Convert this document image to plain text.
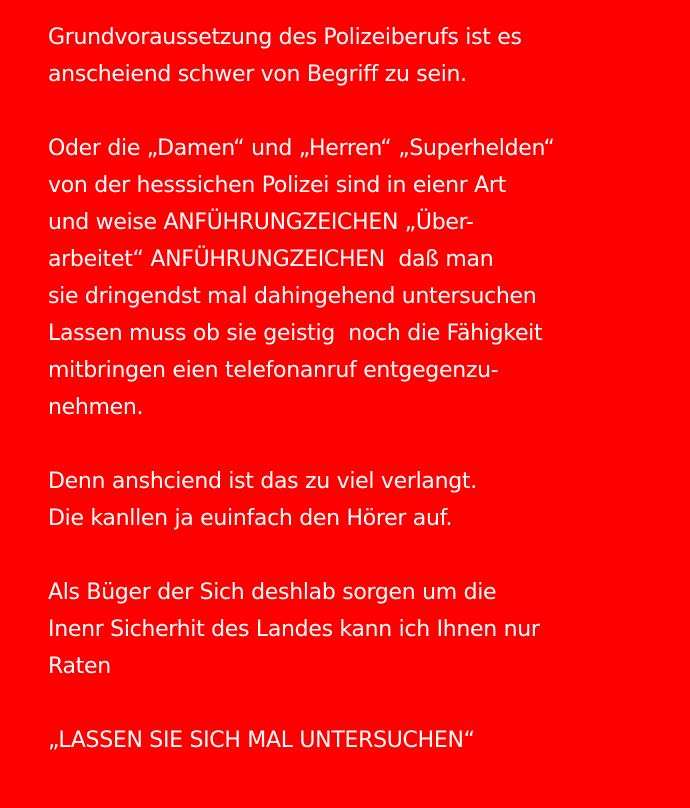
Grundvoraussetzung des Polizeiberufs ist es
anscheiend schwer von Begriff zu sein.
Oder die „Damen“ und „Herren“ „Superhelden“
von der hesssichen Polizei sind in eienr Art
und weise ANFÜHRUNGZEICHEN „Über-
arbeitet“ ANFÜHRUNGZEICHEN  daß man
sie dringendst mal dahingehend untersuchen
Lassen muss ob sie geistig  noch die Fähigkeit
mitbringen eien telefonanruf entgegenzu-
nehmen.
Denn anshciend ist das zu viel verlangt.
Die kanllen ja euinfach den Hörer auf.
Als Büger der Sich deshlab sorgen um die
Inenr Sicherhit des Landes kann ich Ihnen nur
Raten
„LASSEN SIE SICH MAL UNTERSUCHEN“
